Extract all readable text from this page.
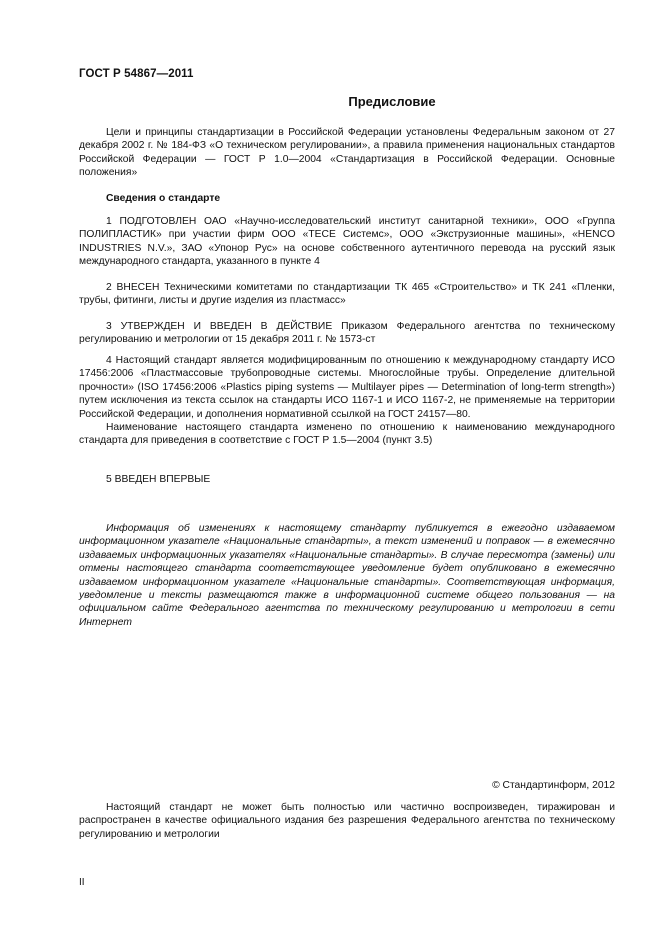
ГОСТ Р 54867—2011
Предисловие

Цели и принципы стандартизации в Российской Федерации установлены Федеральным законом от 27 декабря 2002 г. № 184-ФЗ «О техническом регулировании», а правила применения национальных стандартов Российской Федерации — ГОСТ Р 1.0—2004 «Стандартизация в Российской Федерации. Основные положения»

Сведения о стандарте

1 ПОДГОТОВЛЕН ОАО «Научно-исследовательский институт санитарной техники», ООО «Группа ПОЛИПЛАСТИК» при участии фирм ООО «ТЕСЕ Системс», ООО «Экструзионные машины», «HENCO INDUSTRIES N.V.», ЗАО «Упонор Рус» на основе собственного аутентичного перевода на русский язык международного стандарта, указанного в пункте 4

2 ВНЕСЕН Техническими комитетами по стандартизации ТК 465 «Строительство» и ТК 241 «Пленки, трубы, фитинги, листы и другие изделия из пластмасс»

3 УТВЕРЖДЕН И ВВЕДЕН В ДЕЙСТВИЕ Приказом Федерального агентства по техническому регулированию и метрологии от 15 декабря 2011 г. № 1573-ст

4 Настоящий стандарт является модифицированным по отношению к международному стандарту ИСО 17456:2006 «Пластмассовые трубопроводные системы. Многослойные трубы. Определение длительной прочности» (ISO 17456:2006 «Plastics piping systems — Multilayer pipes — Determination of long-term strength») путем исключения из текста ссылок на стандарты ИСО 1167-1 и ИСО 1167-2, не применяемые на территории Российской Федерации, и дополнения нормативной ссылкой на ГОСТ 24157—80.

Наименование настоящего стандарта изменено по отношению к наименованию международного стандарта для приведения в соответствие с ГОСТ Р 1.5—2004 (пункт 3.5)

5 ВВЕДЕН ВПЕРВЫЕ

Информация об изменениях к настоящему стандарту публикуется в ежегодно издаваемом информационном указателе «Национальные стандарты», а текст изменений и поправок — в ежемесячно издаваемых информационных указателях «Национальные стандарты». В случае пересмотра (замены) или отмены настоящего стандарта соответствующее уведомление будет опубликовано в ежемесячно издаваемом информационном указателе «Национальные стандарты». Соответствующая информация, уведомление и тексты размещаются также в информационной системе общего пользования — на официальном сайте Федерального агентства по техническому регулированию и метрологии в сети Интернет

© Стандартинформ, 2012

Настоящий стандарт не может быть полностью или частично воспроизведен, тиражирован и распространен в качестве официального издания без разрешения Федерального агентства по техническому регулированию и метрологии

II
